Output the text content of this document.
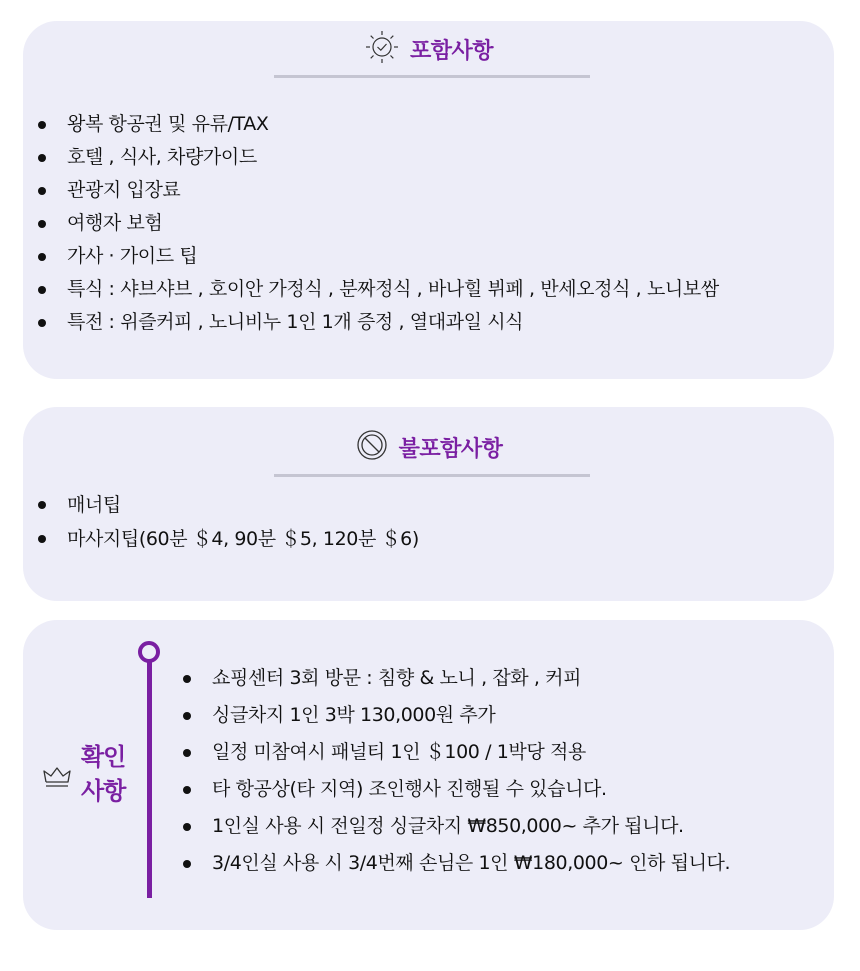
포함사항
왕복 항공권 및 유류/TAX
호텔 , 식사, 차량가이드
관광지 입장료
여행자 보험
가사 · 가이드 팁
특식 : 샤브샤브 , 호이안 가정식 , 분짜정식 , 바나힐 뷔페 , 반세오정식 , 노니보쌈
특전 : 위즐커피 , 노니비누 1인 1개 증정 , 열대과일 시식
불포함사항
매너팁
마사지팁(60분 ＄4, 90분 ＄5, 120분 ＄6)
확인
사항
쇼핑센터 3회 방문 : 침향 & 노니 , 잡화 , 커피
싱글차지 1인 3박 130,000원 추가
일정 미참여시 패널티 1인 ＄100 / 1박당 적용
타 항공상(타 지역) 조인행사 진행될 수 있습니다.
1인실 사용 시 전일정 싱글차지 ₩850,000~ 추가 됩니다.
3/4인실 사용 시 3/4번째 손님은 1인 ₩180,000~ 인하 됩니다.
